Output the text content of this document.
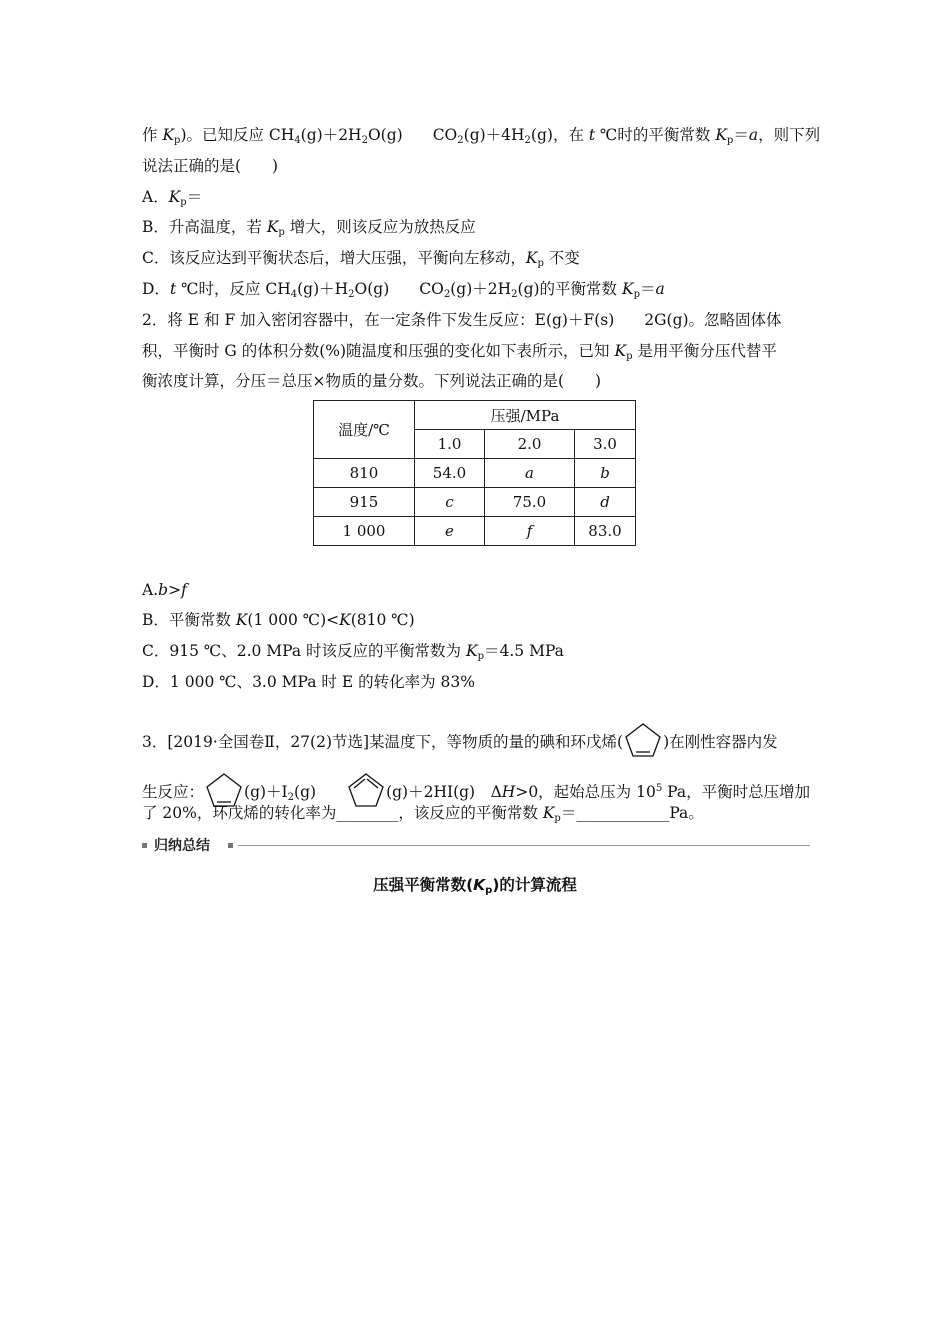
作 $K_p$)。已知反应 $CH_4(g)+2H_2O(g)$ $CO_2(g)+4H_2(g)$，在 t ℃时的平衡常数 $K_p=a$，则下列
说法正确的是(　　)
A．$K_p=$
B．升高温度，若 $K_p$ 增大，则该反应为放热反应
C．该反应达到平衡状态后，增大压强，平衡向左移动，$K_p$ 不变
D．t ℃时，反应 $CH_4(g)+H_2O(g)$ $CO_2(g)+2H_2(g)$的平衡常数 $K_p=a$
2．将 E 和 F 加入密闭容器中，在一定条件下发生反应：E(g)＋F(s) 2G(g)。忽略固体体
积，平衡时 G 的体积分数(%)随温度和压强的变化如下表所示，已知 $K_p$ 是用平衡分压代替平
衡浓度计算，分压＝总压×物质的量分数。下列说法正确的是(　　)
温度/℃	压强/MPa		
	1.0	2.0	3.0
810	54.0	a	b
915	c	75.0	d
1 000	e	f	83.0
A.b>f
B．平衡常数 K(1 000 ℃)<K(810 ℃)
C．915 ℃、2.0 MPa 时该反应的平衡常数为 $K_p=4.5$ MPa
D．1 000 ℃、3.0 MPa 时 E 的转化率为 83%
3．[2019·全国卷Ⅱ，27(2)节选]某温度下，等物质的量的碘和环戊烯(	)在刚性容器内发
生反应：	$(g)+I_2(g)$	(g)＋2HI(g)　ΔH>0，起始总压为 $10^5$ Pa，平衡时总压增加
了 20%，环戊烯的转化率为________，该反应的平衡常数 $K_p=\_\_\_\_\_\_\_\_\_\_\_\_Pa$。
归纳总结
压强平衡常数$(K_p)$的计算流程
